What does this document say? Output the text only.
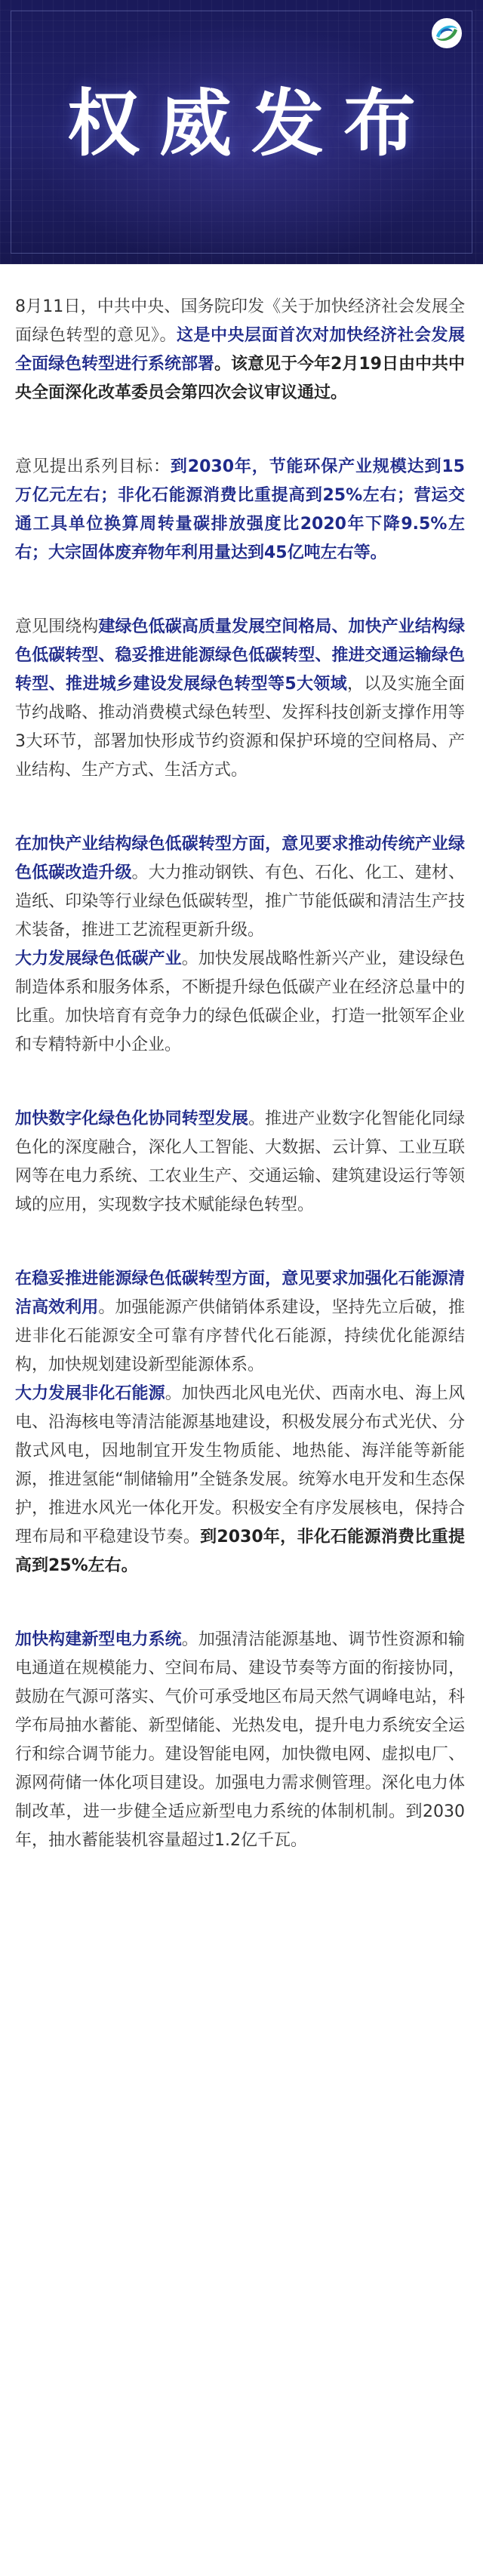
权威发布

8月11日，中共中央、国务院印发《关于加快经济社会发展全面绿色转型的意见》。这是中央层面首次对加快经济社会发展全面绿色转型进行系统部署。该意见于今年2月19日由中共中央全面深化改革委员会第四次会议审议通过。

意见提出系列目标：到2030年，节能环保产业规模达到15万亿元左右；非化石能源消费比重提高到25%左右；营运交通工具单位换算周转量碳排放强度比2020年下降9.5%左右；大宗固体废弃物年利用量达到45亿吨左右等。

意见围绕构建绿色低碳高质量发展空间格局、加快产业结构绿色低碳转型、稳妥推进能源绿色低碳转型、推进交通运输绿色转型、推进城乡建设发展绿色转型等5大领域，以及实施全面节约战略、推动消费模式绿色转型、发挥科技创新支撑作用等3大环节，部署加快形成节约资源和保护环境的空间格局、产业结构、生产方式、生活方式。

在加快产业结构绿色低碳转型方面，意见要求推动传统产业绿色低碳改造升级。大力推动钢铁、有色、石化、化工、建材、造纸、印染等行业绿色低碳转型，推广节能低碳和清洁生产技术装备，推进工艺流程更新升级。

大力发展绿色低碳产业。加快发展战略性新兴产业，建设绿色制造体系和服务体系，不断提升绿色低碳产业在经济总量中的比重。加快培育有竞争力的绿色低碳企业，打造一批领军企业和专精特新中小企业。

加快数字化绿色化协同转型发展。推进产业数字化智能化同绿色化的深度融合，深化人工智能、大数据、云计算、工业互联网等在电力系统、工农业生产、交通运输、建筑建设运行等领域的应用，实现数字技术赋能绿色转型。

在稳妥推进能源绿色低碳转型方面，意见要求加强化石能源清洁高效利用。加强能源产供储销体系建设，坚持先立后破，推进非化石能源安全可靠有序替代化石能源，持续优化能源结构，加快规划建设新型能源体系。

大力发展非化石能源。加快西北风电光伏、西南水电、海上风电、沿海核电等清洁能源基地建设，积极发展分布式光伏、分散式风电，因地制宜开发生物质能、地热能、海洋能等新能源，推进氢能“制储输用”全链条发展。统筹水电开发和生态保护，推进水风光一体化开发。积极安全有序发展核电，保持合理布局和平稳建设节奏。到2030年，非化石能源消费比重提高到25%左右。

加快构建新型电力系统。加强清洁能源基地、调节性资源和输电通道在规模能力、空间布局、建设节奏等方面的衔接协同，鼓励在气源可落实、气价可承受地区布局天然气调峰电站，科学布局抽水蓄能、新型储能、光热发电，提升电力系统安全运行和综合调节能力。建设智能电网，加快微电网、虚拟电厂、源网荷储一体化项目建设。加强电力需求侧管理。深化电力体制改革，进一步健全适应新型电力系统的体制机制。到2030年，抽水蓄能装机容量超过1.2亿千瓦。
